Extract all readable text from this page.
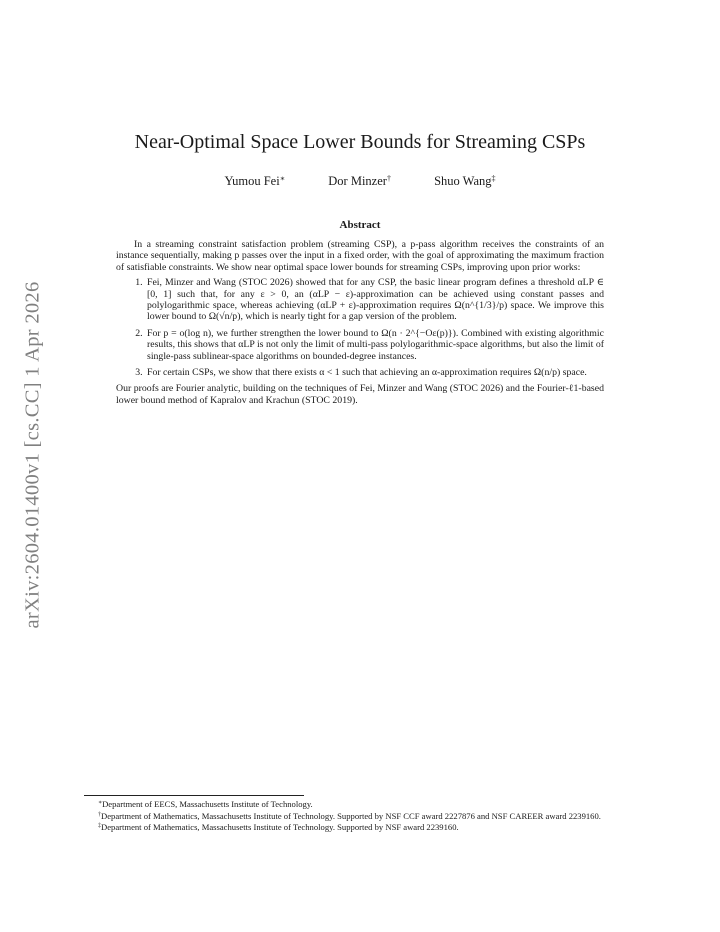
arXiv:2604.01400v1 [cs.CC] 1 Apr 2026
Near-Optimal Space Lower Bounds for Streaming CSPs
Yumou Fei∗	Dor Minzer†	Shuo Wang‡
Abstract

In a streaming constraint satisfaction problem (streaming CSP), a p-pass algorithm receives the constraints of an instance sequentially, making p passes over the input in a fixed order, with the goal of approximating the maximum fraction of satisfiable constraints. We show near optimal space lower bounds for streaming CSPs, improving upon prior works:

1. Fei, Minzer and Wang (STOC 2026) showed that for any CSP, the basic linear program defines a threshold αLP ∈ [0, 1] such that, for any ε > 0, an (αLP − ε)-approximation can be achieved using constant passes and polylogarithmic space, whereas achieving (αLP + ε)-approximation requires Ω(n^{1/3}/p) space. We improve this lower bound to Ω(√n/p), which is nearly tight for a gap version of the problem.
2. For p = o(log n), we further strengthen the lower bound to Ω(n · 2^{−Oε(p)}). Combined with existing algorithmic results, this shows that αLP is not only the limit of multi-pass polylogarithmic-space algorithms, but also the limit of single-pass sublinear-space algorithms on bounded-degree instances.
3. For certain CSPs, we show that there exists α < 1 such that achieving an α-approximation requires Ω(n/p) space.

Our proofs are Fourier analytic, building on the techniques of Fei, Minzer and Wang (STOC 2026) and the Fourier-ℓ1-based lower bound method of Kapralov and Krachun (STOC 2019).

∗Department of EECS, Massachusetts Institute of Technology.

†Department of Mathematics, Massachusetts Institute of Technology. Supported by NSF CCF award 2227876 and NSF CAREER award 2239160.

‡Department of Mathematics, Massachusetts Institute of Technology. Supported by NSF award 2239160.
